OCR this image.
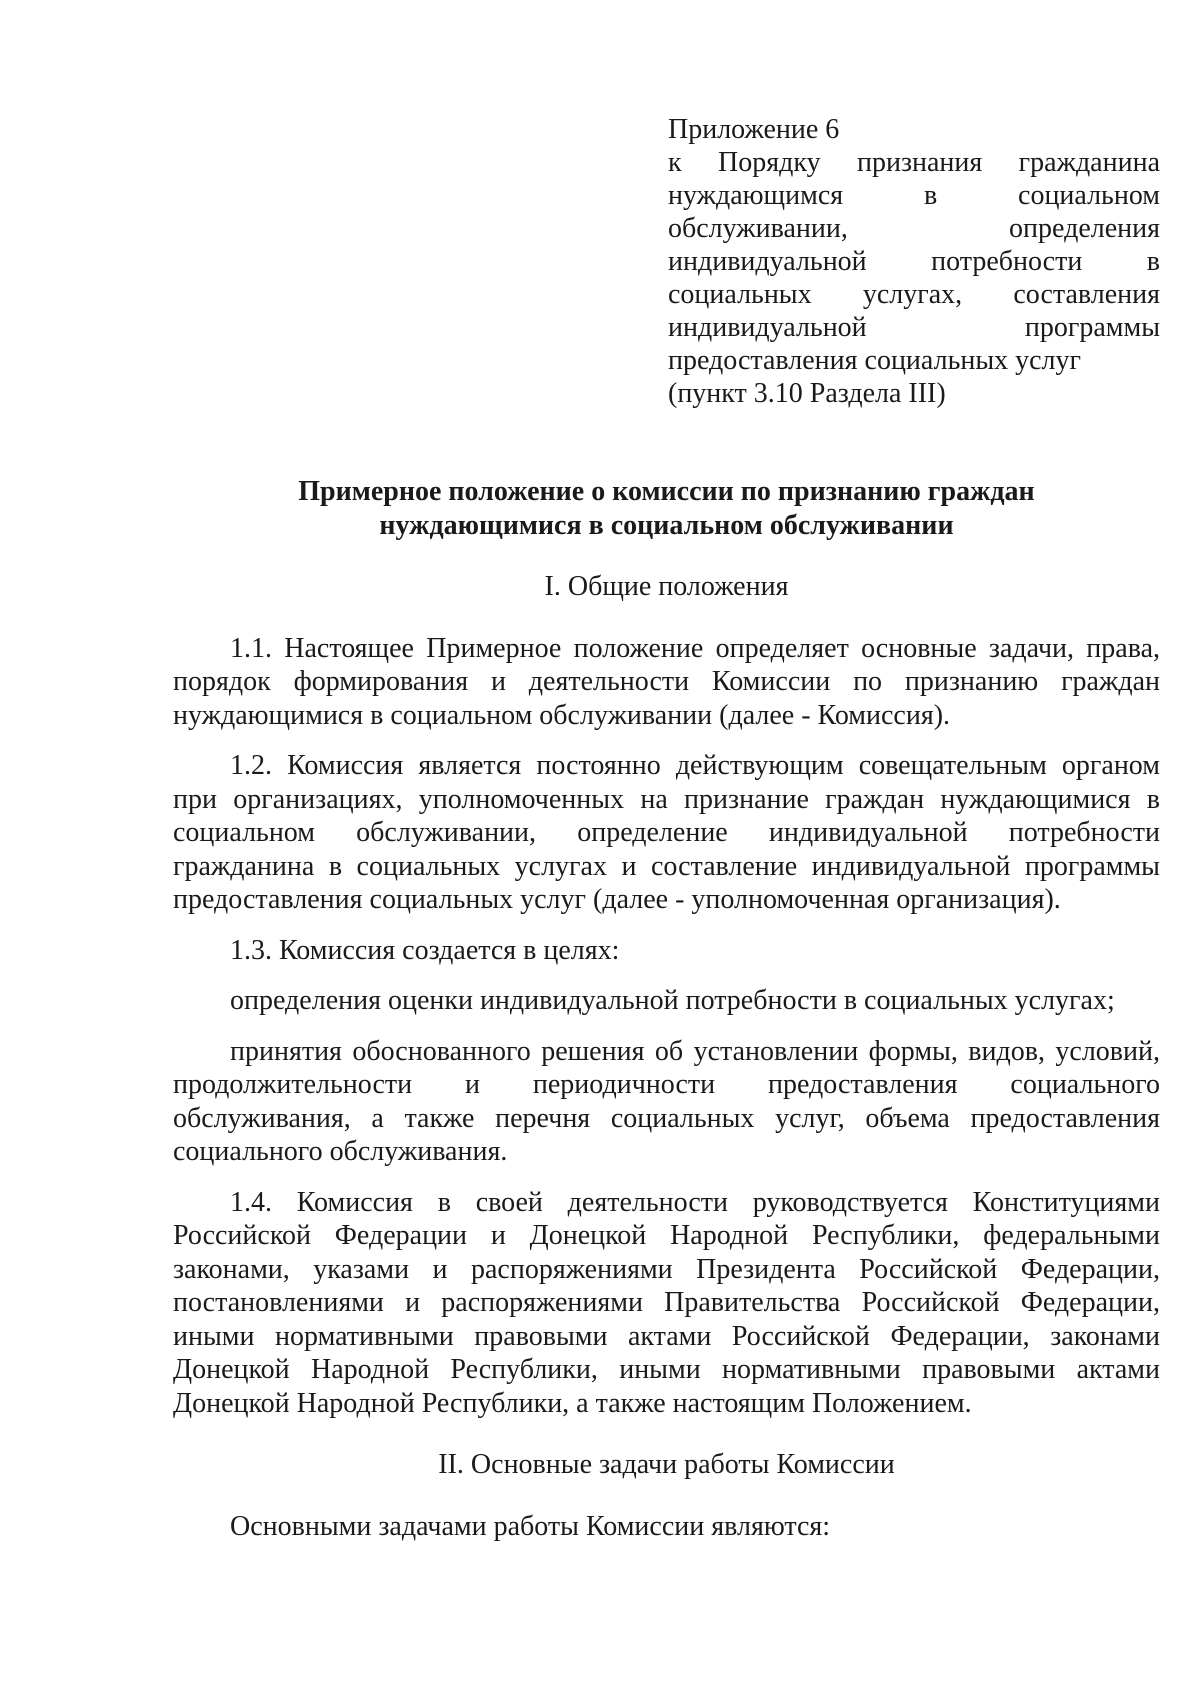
Приложение 6
к Порядку признания гражданина
нуждающимся в социальном
обслуживании, определения
индивидуальной потребности в
социальных услугах, составления
индивидуальной программы
предоставления социальных услуг
(пункт 3.10 Раздела III)
Примерное положение о комиссии по признанию граждан
нуждающимися в социальном обслуживании
I. Общие положения

1.1. Настоящее Примерное положение определяет основные задачи, права, порядок формирования и деятельности Комиссии по признанию граждан нуждающимися в социальном обслуживании (далее - Комиссия).

1.2. Комиссия является постоянно действующим совещательным органом при организациях, уполномоченных на признание граждан нуждающимися в социальном обслуживании, определение индивидуальной потребности гражданина в социальных услугах и составление индивидуальной программы предоставления социальных услуг (далее - уполномоченная организация).

1.3. Комиссия создается в целях:

определения оценки индивидуальной потребности в социальных услугах;

принятия обоснованного решения об установлении формы, видов, условий, продолжительности и периодичности предоставления социального обслуживания, а также перечня социальных услуг, объема предоставления социального обслуживания.

1.4. Комиссия в своей деятельности руководствуется Конституциями Российской Федерации и Донецкой Народной Республики, федеральными законами, указами и распоряжениями Президента Российской Федерации, постановлениями и распоряжениями Правительства Российской Федерации, иными нормативными правовыми актами Российской Федерации, законами Донецкой Народной Республики, иными нормативными правовыми актами Донецкой Народной Республики, а также настоящим Положением.

II. Основные задачи работы Комиссии

Основными задачами работы Комиссии являются:
